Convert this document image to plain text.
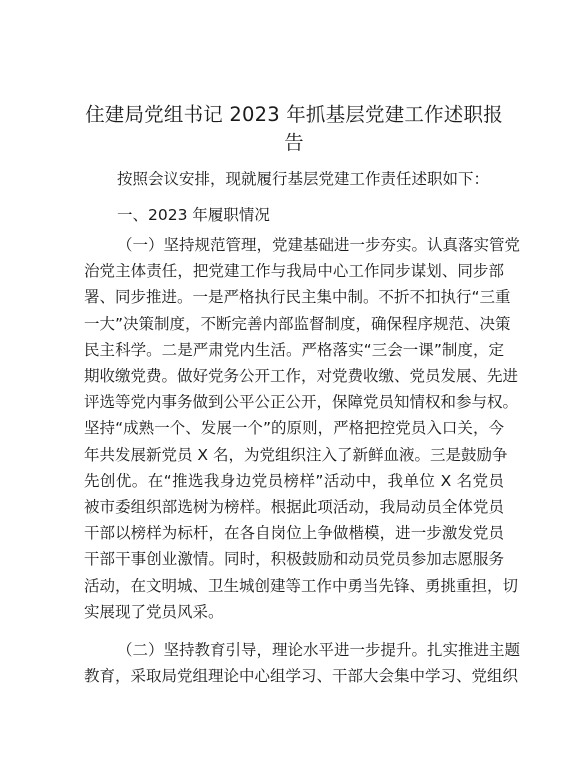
住建局党组书记 2023 年抓基层党建工作述职报
告

按照会议安排，现就履行基层党建工作责任述职如下：

一、2023 年履职情况

（一）坚持规范管理，党建基础进一步夯实。认真落实管党
治党主体责任，把党建工作与我局中心工作同步谋划、同步部
署、同步推进。一是严格执行民主集中制。不折不扣执行“三重
一大”决策制度，不断完善内部监督制度，确保程序规范、决策
民主科学。二是严肃党内生活。严格落实“三会一课”制度，定
期收缴党费。做好党务公开工作，对党费收缴、党员发展、先进
评选等党内事务做到公平公正公开，保障党员知情权和参与权。
坚持“成熟一个、发展一个”的原则，严格把控党员入口关，今
年共发展新党员 X 名，为党组织注入了新鲜血液。三是鼓励争
先创优。在“推选我身边党员榜样”活动中，我单位 X 名党员
被市委组织部选树为榜样。根据此项活动，我局动员全体党员
干部以榜样为标杆，在各自岗位上争做楷模，进一步激发党员
干部干事创业激情。同时，积极鼓励和动员党员参加志愿服务
活动，在文明城、卫生城创建等工作中勇当先锋、勇挑重担，切
实展现了党员风采。
（二）坚持教育引导，理论水平进一步提升。扎实推进主题
教育，采取局党组理论中心组学习、干部大会集中学习、党组织
